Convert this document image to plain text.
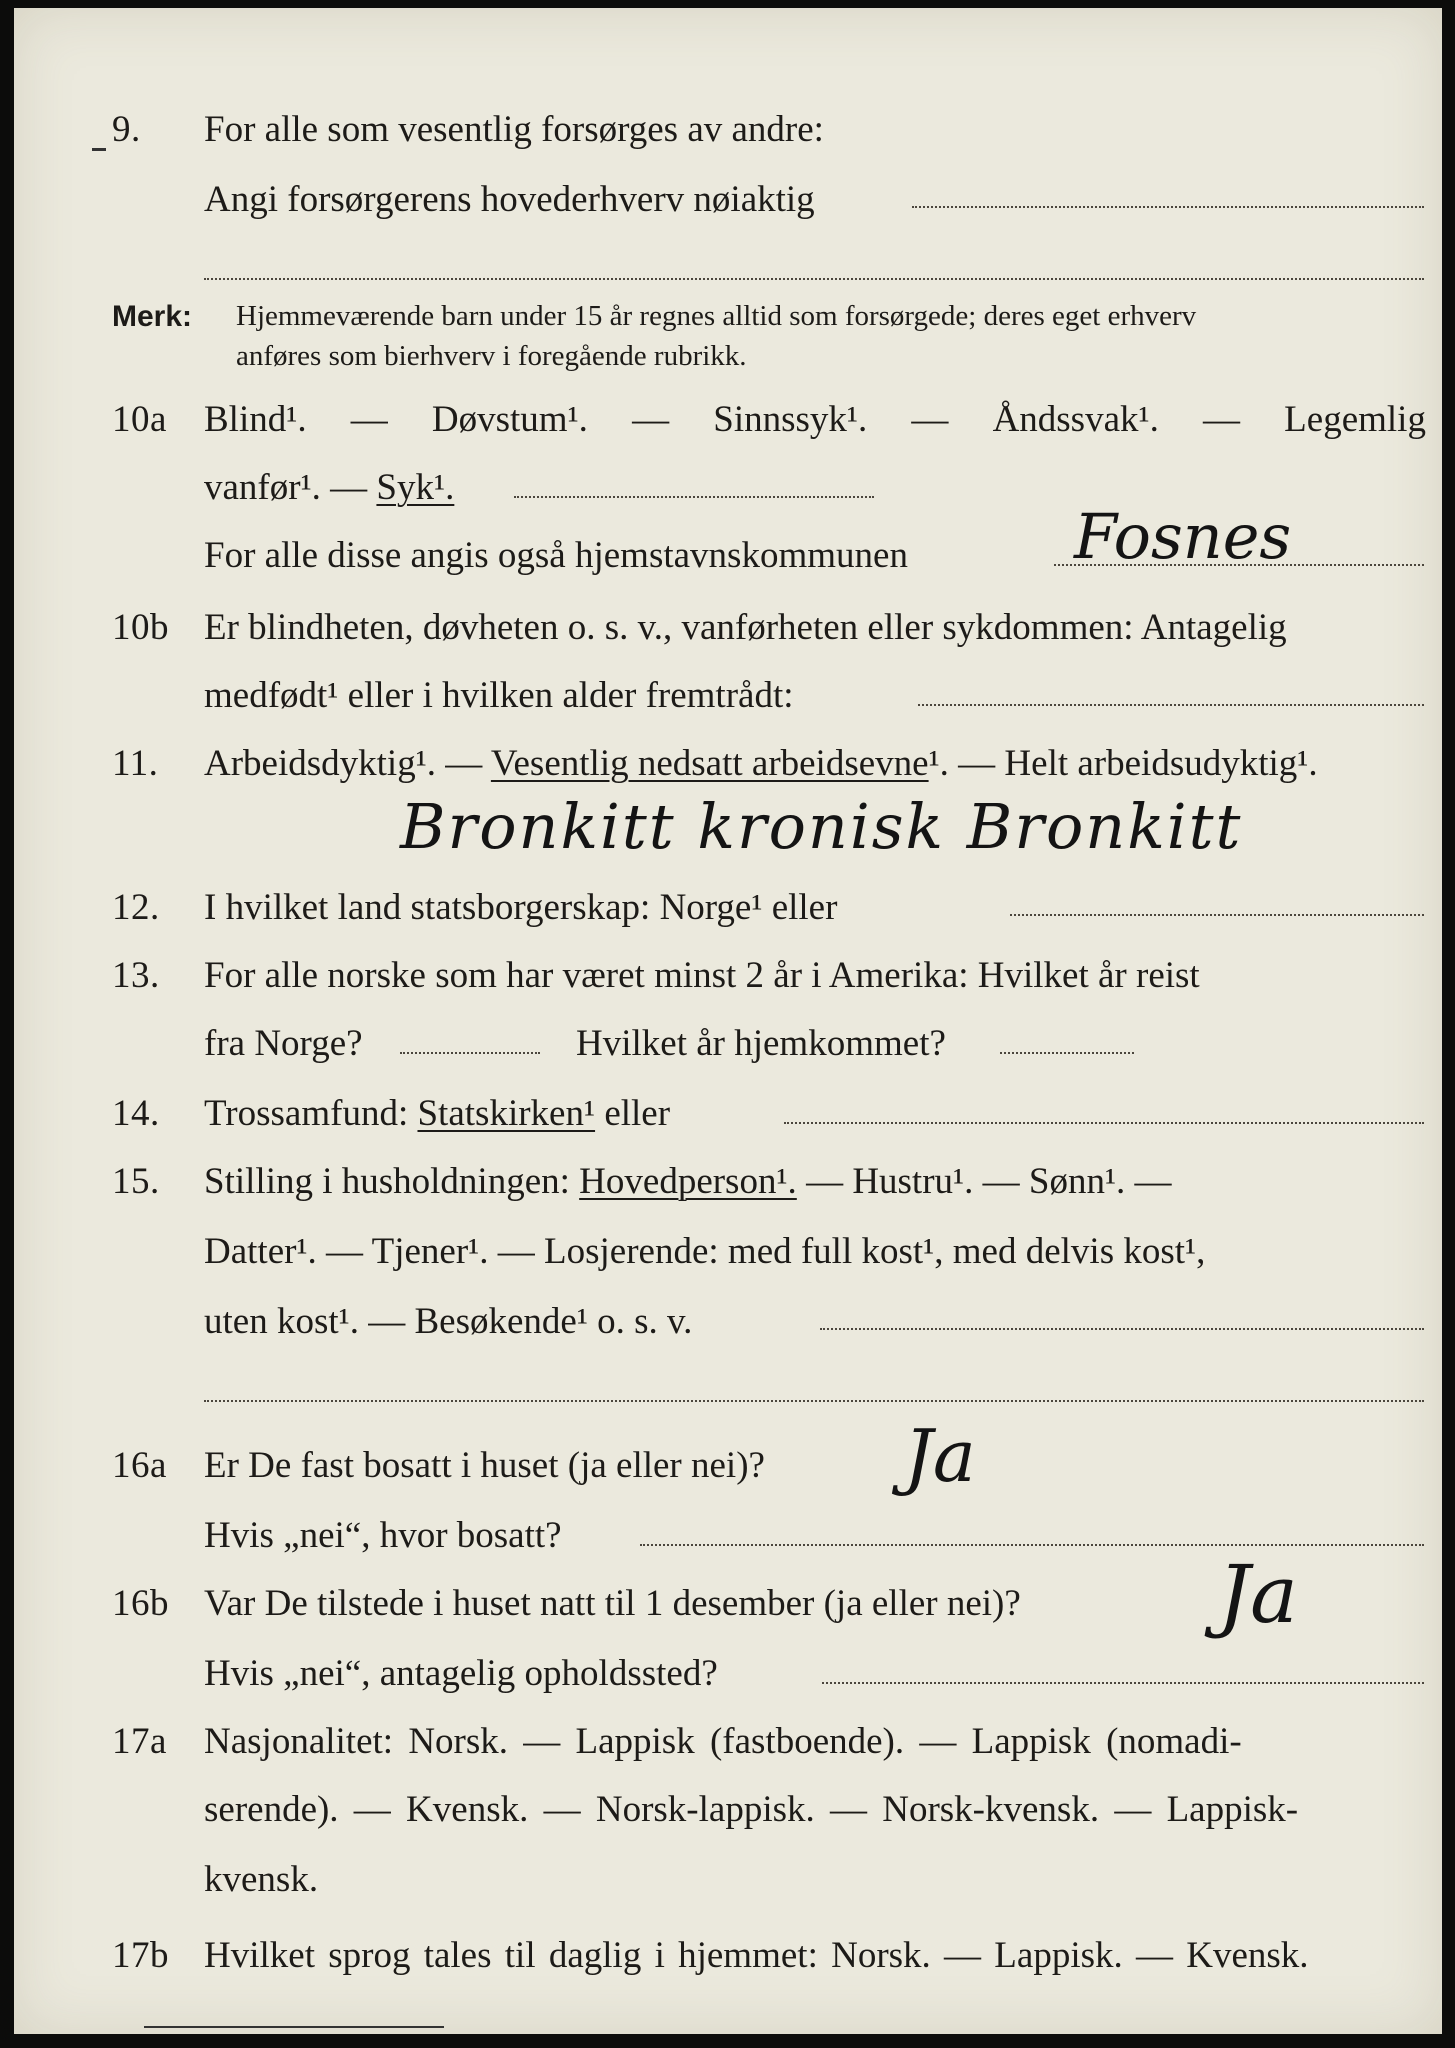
9. For alle som vesentlig forsørges av andre:
Angi forsørgerens hovederhverv nøiaktig
Merk: Hjemmeværende barn under 15 år regnes alltid som forsørgede; deres eget erhverv
anføres som bierhverv i foregående rubrikk.
10a Blind¹. — Døvstum¹. — Sinnssyk¹. — Åndssvak¹. — Legemlig
vanfør¹. — Syk¹.
For alle disse angis også hjemstavnskommunen	Fosnes
10b Er blindheten, døvheten o. s. v., vanførheten eller sykdommen: Antagelig
medfødt¹ eller i hvilken alder fremtrådt:
11. Arbeidsdyktig¹. — Vesentlig nedsatt arbeidsevne¹. — Helt arbeidsudyktig¹.
Bronkitt kronisk Bronkitt
12. I hvilket land statsborgerskap: Norge¹ eller
13. For alle norske som har været minst 2 år i Amerika: Hvilket år reist
fra Norge?	Hvilket år hjemkommet?
14. Trossamfund: Statskirken¹ eller
15. Stilling i husholdningen: Hovedperson¹. — Hustru¹. — Sønn¹. —
Datter¹. — Tjener¹. — Losjerende: med full kost¹, med delvis kost¹,
uten kost¹. — Besøkende¹ o. s. v.
16a Er De fast bosatt i huset (ja eller nei)? Ja
Hvis „nei“, hvor bosatt?
16b Var De tilstede i huset natt til 1 desember (ja eller nei)? Ja
Hvis „nei“, antagelig opholdssted?
17a Nasjonalitet: Norsk. — Lappisk (fastboende). — Lappisk (nomadi-
serende). — Kvensk. — Norsk-lappisk. — Norsk-kvensk. — Lappisk-
kvensk.
17b Hvilket sprog tales til daglig i hjemmet: Norsk. — Lappisk. — Kvensk.
